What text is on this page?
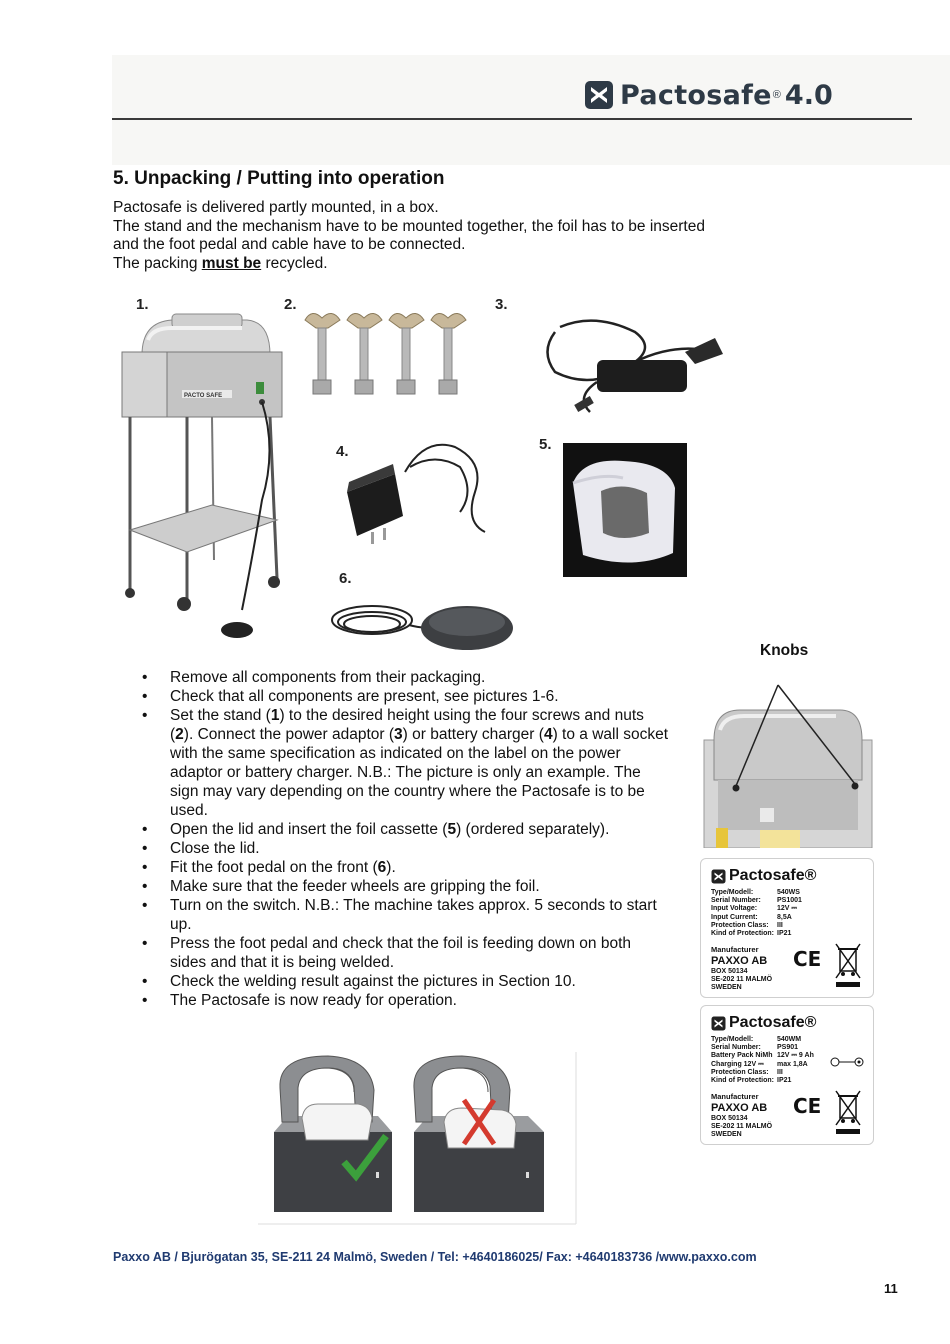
Pactosafe ® 4.0
5. Unpacking / Putting into operation

Pactosafe is delivered partly mounted, in a box.

The stand and the mechanism have to be mounted together, the foil has to be inserted and the foot pedal and cable have to be connected.

The packing must be recycled.

1.
PACTO SAFE
2.	3.
4.	5.
6.
Knobs
Pactosafe®
Type/Modell:	540WS
Serial Number:	PS1001
Input Voltage:	12V ⎓
Input Current:	8,5A
Protection Class:	III
Kind of Protection: IP21
Manufacturer
PAXXO AB
BOX 50134
SE-202 11 MALMÖ
SWEDEN
CE
Pactosafe®
Type/Modell:	540WM
Serial Number:	PS901
Battery Pack NiMh 12V ⎓ 9 Ah
Charging 12V ⎓	max 1,8A
Protection Class:	III
Kind of Protection: IP21
Manufacturer
PAXXO AB
BOX 50134
SE-202 11 MALMÖ
SWEDEN
CE
• Remove all components from their packaging.
• Check that all components are present, see pictures 1-6.
• Set the stand (1) to the desired height using the four screws and nuts (2). Connect the power adaptor (3) or battery charger (4) to a wall socket with the same specification as indicated on the label on the power adaptor or battery charger. N.B.: The picture is only an example. The sign may vary depending on the country where the Pactosafe is to be used.
• Open the lid and insert the foil cassette (5) (ordered separately).
• Close the lid.
• Fit the foot pedal on the front (6).
• Make sure that the feeder wheels are gripping the foil.
• Turn on the switch. N.B.: The machine takes approx. 5 seconds to start up.
• Press the foot pedal and check that the foil is feeding down on both sides and that it is being welded.
• Check the welding result against the pictures in Section 10.
• The Pactosafe is now ready for operation.
Paxxo AB / Bjurögatan 35, SE-211 24 Malmö, Sweden / Tel: +4640186025/ Fax: +4640183736 /www.paxxo.com
11
